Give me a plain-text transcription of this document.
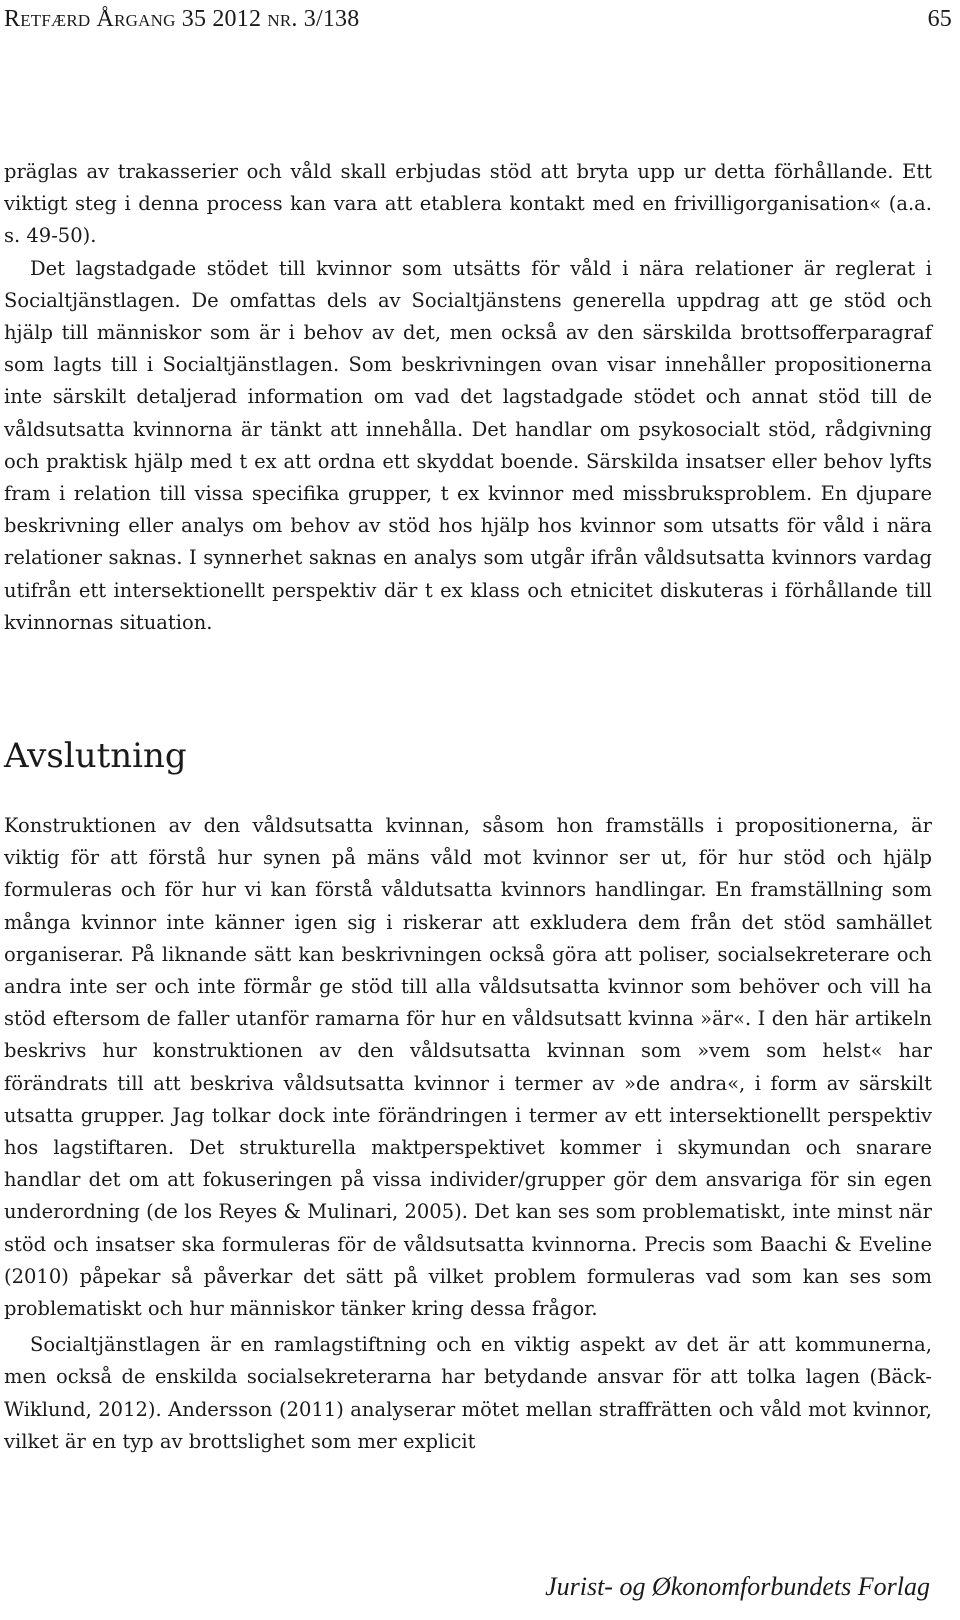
Retfærd Årgang 35 2012 nr. 3/138	65

präglas av trakasserier och våld skall erbjudas stöd att bryta upp ur detta förhållande. Ett viktigt steg i denna process kan vara att etablera kontakt med en frivilligorganisation« (a.a. s. 49-50).

Det lagstadgade stödet till kvinnor som utsätts för våld i nära relationer är reglerat i Socialtjänstlagen. De omfattas dels av Socialtjänstens generella uppdrag att ge stöd och hjälp till människor som är i behov av det, men också av den särskilda brottsofferparagraf som lagts till i Socialtjänstlagen. Som beskrivningen ovan visar innehåller propositionerna inte särskilt detaljerad information om vad det lagstadgade stödet och annat stöd till de våldsutsatta kvinnorna är tänkt att innehålla. Det handlar om psykosocialt stöd, rådgivning och praktisk hjälp med t ex att ordna ett skyddat boende. Särskilda insatser eller behov lyfts fram i relation till vissa specifika grupper, t ex kvinnor med missbruksproblem. En djupare beskrivning eller analys om behov av stöd hos hjälp hos kvinnor som utsatts för våld i nära relationer saknas. I synnerhet saknas en analys som utgår ifrån våldsutsatta kvinnors vardag utifrån ett intersektionellt perspektiv där t ex klass och etnicitet diskuteras i förhållande till kvinnornas situation.

Avslutning

Konstruktionen av den våldsutsatta kvinnan, såsom hon framställs i propositionerna, är viktig för att förstå hur synen på mäns våld mot kvinnor ser ut, för hur stöd och hjälp formuleras och för hur vi kan förstå våldutsatta kvinnors handlingar. En framställning som många kvinnor inte känner igen sig i riskerar att exkludera dem från det stöd samhället organiserar. På liknande sätt kan beskrivningen också göra att poliser, socialsekreterare och andra inte ser och inte förmår ge stöd till alla våldsutsatta kvinnor som behöver och vill ha stöd eftersom de faller utanför ramarna för hur en våldsutsatt kvinna »är«. I den här artikeln beskrivs hur konstruktionen av den våldsutsatta kvinnan som »vem som helst« har förändrats till att beskriva våldsutsatta kvinnor i termer av »de andra«, i form av särskilt utsatta grupper. Jag tolkar dock inte förändringen i termer av ett intersektionellt perspektiv hos lagstiftaren. Det strukturella maktperspektivet kommer i skymundan och snarare handlar det om att fokuseringen på vissa individer/grupper gör dem ansvariga för sin egen underordning (de los Reyes & Mulinari, 2005). Det kan ses som problematiskt, inte minst när stöd och insatser ska formuleras för de våldsutsatta kvinnorna. Precis som Baachi & Eveline (2010) påpekar så påverkar det sätt på vilket problem formuleras vad som kan ses som problematiskt och hur människor tänker kring dessa frågor.

Socialtjänstlagen är en ramlagstiftning och en viktig aspekt av det är att kommunerna, men också de enskilda socialsekreterarna har betydande ansvar för att tolka lagen (Bäck-Wiklund, 2012). Andersson (2011) analyserar mötet mellan straffrätten och våld mot kvinnor, vilket är en typ av brottslighet som mer explicit

Jurist- og Økonomforbundets Forlag
